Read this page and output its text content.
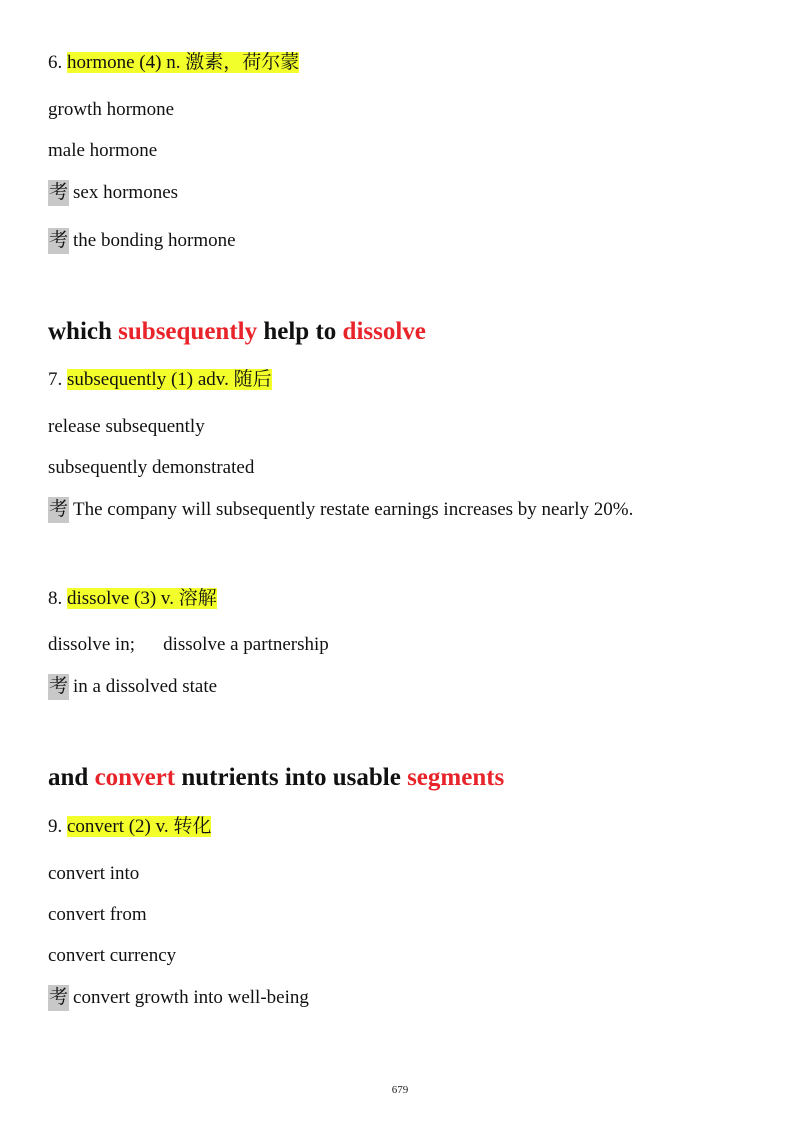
6. hormone (4) n. 激素，荷尔蒙
growth hormone
male hormone
考 sex hormones
考 the bonding hormone
which subsequently help to dissolve
7. subsequently (1) adv. 随后
release subsequently
subsequently demonstrated
考 The company will subsequently restate earnings increases by nearly 20%.
8. dissolve (3) v. 溶解
dissolve in; dissolve a partnership
考 in a dissolved state
and convert nutrients into usable segments
9. convert (2) v. 转化
convert into
convert from
convert currency
考 convert growth into well-being
679
